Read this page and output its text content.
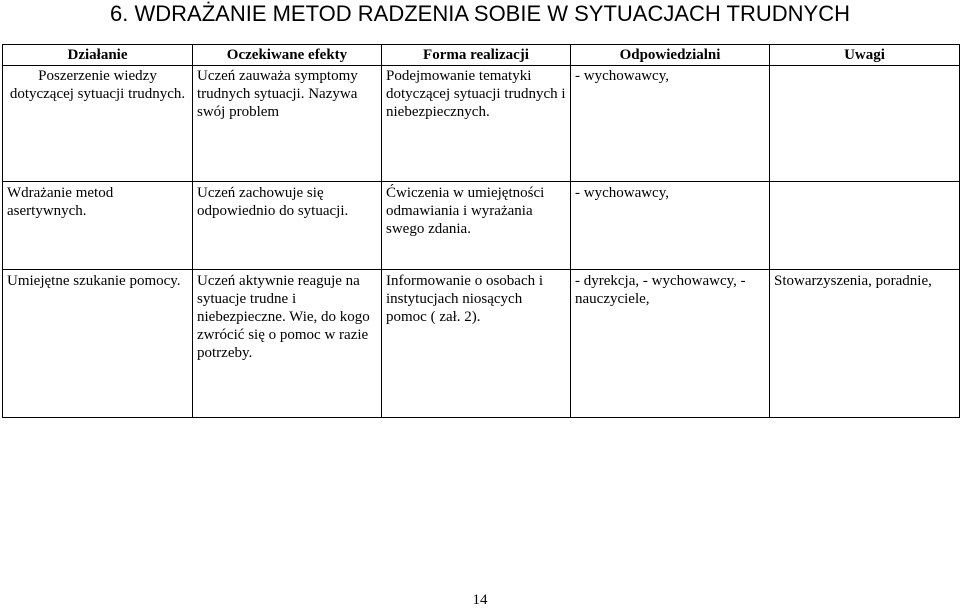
6. WDRAŻANIE METOD RADZENIA SOBIE W SYTUACJACH TRUDNYCH
Działanie	Oczekiwane efekty	Forma realizacji	Odpowiedzialni	Uwagi
Poszerzenie wiedzy dotyczącej sytuacji trudnych.	Uczeń zauważa symptomy trudnych sytuacji. Nazywa swój problem	Podejmowanie tematyki dotyczącej sytuacji trudnych i niebezpiecznych.	- wychowawcy,	
Wdrażanie metod asertywnych.	Uczeń zachowuje się odpowiednio do sytuacji.	Ćwiczenia w umiejętności odmawiania i wyrażania swego zdania.	- wychowawcy,	
Umiejętne szukanie pomocy.	Uczeń aktywnie reaguje na sytuacje trudne i niebezpieczne. Wie, do kogo zwrócić się o pomoc w razie potrzeby.	Informowanie o osobach i instytucjach niosących pomoc ( zał. 2).	- dyrekcja, - wychowawcy, - nauczyciele,	Stowarzyszenia, poradnie,
14
